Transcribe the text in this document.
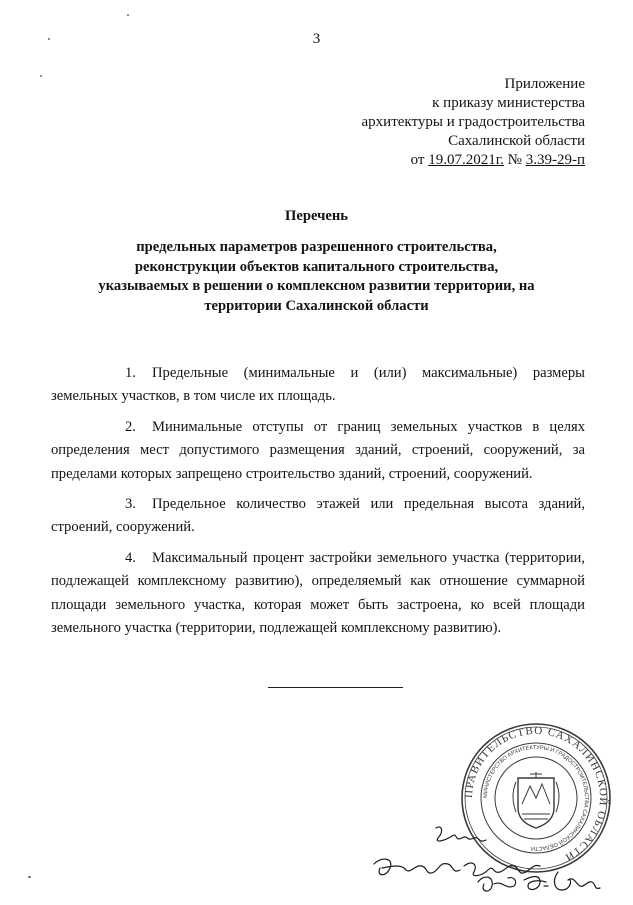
3
Приложение
к приказу министерства
архитектуры и градостроительства
Сахалинской области
от 19.07.2021г. № 3.39-29-п
Перечень
предельных параметров разрешенного строительства,
реконструкции объектов капитального строительства,
указываемых в решении о комплексном развитии территории, на
территории Сахалинской области

1. Предельные (минимальные и (или) максимальные) размеры земельных участков, в том числе их площадь.

2. Минимальные отступы от границ земельных участков в целях определения мест допустимого размещения зданий, строений, сооружений, за пределами которых запрещено строительство зданий, строений, сооружений.

3. Предельное количество этажей или предельная высота зданий, строений, сооружений.

4. Максимальный процент застройки земельного участка (территории, подлежащей комплексному развитию), определяемый как отношение суммарной площади земельного участка, которая может быть застроена, ко всей площади земельного участка (территории, подлежащей комплексному развитию).

ПРАВИТЕЛЬСТВО САХАЛИНСКОЙ ОБЛАСТИ
МИНИСТЕРСТВО АРХИТЕКТУРЫ И ГРАДОСТРОИТЕЛЬСТВА САХАЛИНСКОЙ ОБЛАСТИ
